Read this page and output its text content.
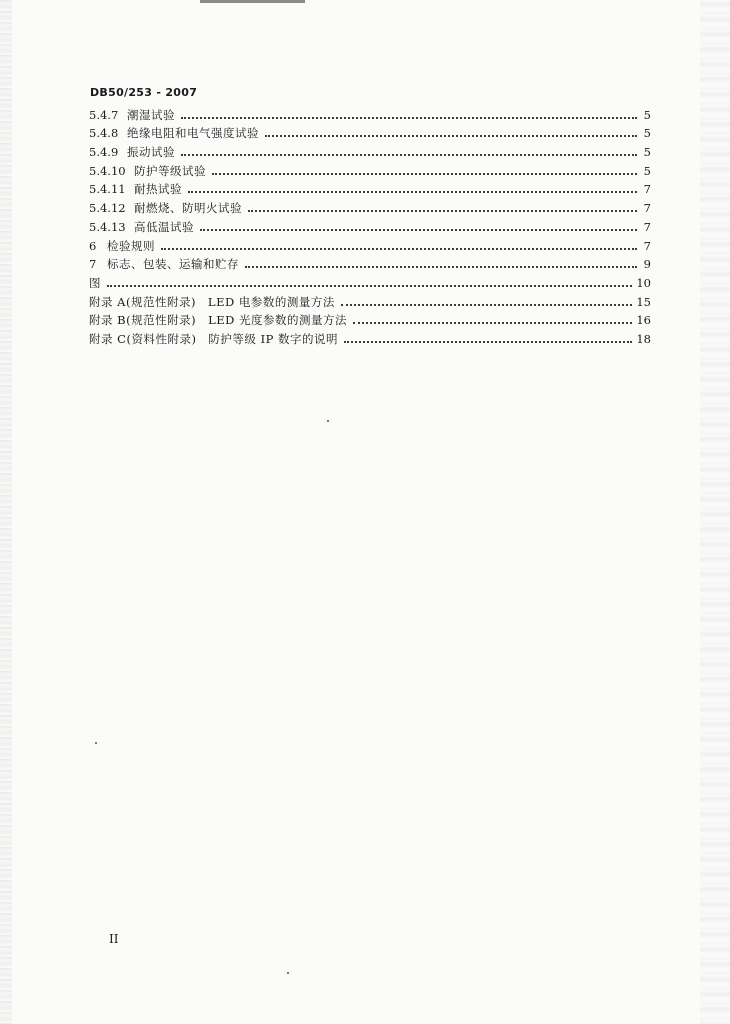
DB50/253 - 2007
5.4.7 潮湿试验	5
5.4.8 绝缘电阻和电气强度试验	5
5.4.9 振动试验	5
5.4.10 防护等级试验	5
5.4.11 耐热试验	7
5.4.12 耐燃烧、防明火试验	7
5.4.13 高低温试验	7
6 检验规则	7
7 标志、包装、运输和贮存	9
图	10
附录 A(规范性附录)　LED 电参数的测量方法	15
附录 B(规范性附录)　LED 光度参数的测量方法	16
附录 C(资料性附录)　防护等级 IP 数字的说明	18
II
